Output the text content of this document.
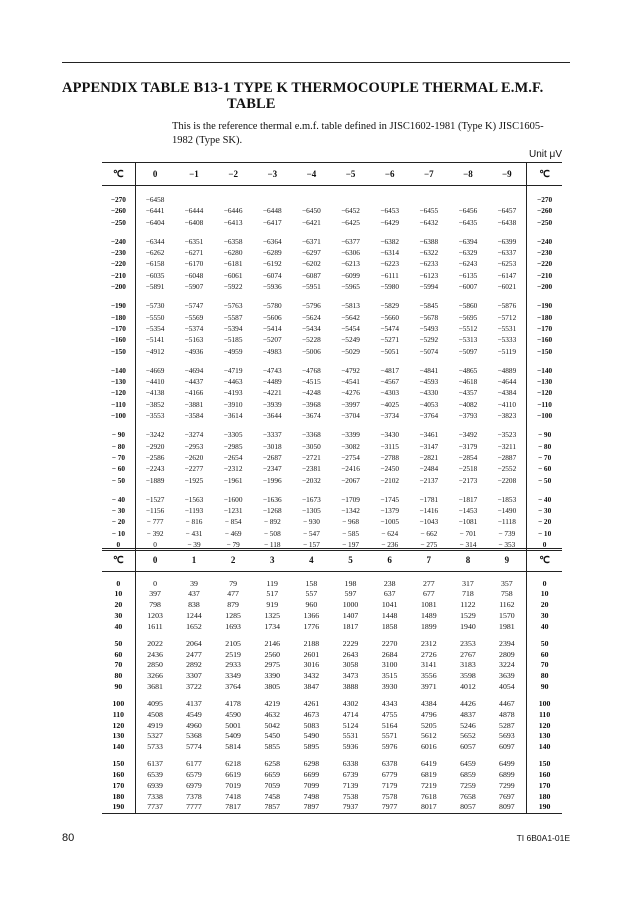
APPENDIX TABLE B13-1 TYPE K THERMOCOUPLE THERMAL E.M.F.
TABLE
This is the reference thermal e.m.f. table defined in JISC1602-1981 (Type K) JISC1605-1982 (Type SK).
Unit μV
℃	0	−1	−2	−3	−4	−5	−6	−7	−8	−9	℃

−270	−6458										−270
−260	−6441	−6444	−6446	−6448	−6450	−6452	−6453	−6455	−6456	−6457	−260
−250	−6404	−6408	−6413	−6417	−6421	−6425	−6429	−6432	−6435	−6438	−250

−240	−6344	−6351	−6358	−6364	−6371	−6377	−6382	−6388	−6394	−6399	−240
−230	−6262	−6271	−6280	−6289	−6297	−6306	−6314	−6322	−6329	−6337	−230
−220	−6158	−6170	−6181	−6192	−6202	−6213	−6223	−6233	−6243	−6253	−220
−210	−6035	−6048	−6061	−6074	−6087	−6099	−6111	−6123	−6135	−6147	−210
−200	−5891	−5907	−5922	−5936	−5951	−5965	−5980	−5994	−6007	−6021	−200

−190	−5730	−5747	−5763	−5780	−5796	−5813	−5829	−5845	−5860	−5876	−190
−180	−5550	−5569	−5587	−5606	−5624	−5642	−5660	−5678	−5695	−5712	−180
−170	−5354	−5374	−5394	−5414	−5434	−5454	−5474	−5493	−5512	−5531	−170
−160	−5141	−5163	−5185	−5207	−5228	−5249	−5271	−5292	−5313	−5333	−160
−150	−4912	−4936	−4959	−4983	−5006	−5029	−5051	−5074	−5097	−5119	−150

−140	−4669	−4694	−4719	−4743	−4768	−4792	−4817	−4841	−4865	−4889	−140
−130	−4410	−4437	−4463	−4489	−4515	−4541	−4567	−4593	−4618	−4644	−130
−120	−4138	−4166	−4193	−4221	−4248	−4276	−4303	−4330	−4357	−4384	−120
−110	−3852	−3881	−3910	−3939	−3968	−3997	−4025	−4053	−4082	−4110	−110
−100	−3553	−3584	−3614	−3644	−3674	−3704	−3734	−3764	−3793	−3823	−100

− 90	−3242	−3274	−3305	−3337	−3368	−3399	−3430	−3461	−3492	−3523	− 90
− 80	−2920	−2953	−2985	−3018	−3050	−3082	−3115	−3147	−3179	−3211	− 80
− 70	−2586	−2620	−2654	−2687	−2721	−2754	−2788	−2821	−2854	−2887	− 70
− 60	−2243	−2277	−2312	−2347	−2381	−2416	−2450	−2484	−2518	−2552	− 60
− 50	−1889	−1925	−1961	−1996	−2032	−2067	−2102	−2137	−2173	−2208	− 50

− 40	−1527	−1563	−1600	−1636	−1673	−1709	−1745	−1781	−1817	−1853	− 40
− 30	−1156	−1193	−1231	−1268	−1305	−1342	−1379	−1416	−1453	−1490	− 30
− 20	− 777	− 816	− 854	− 892	− 930	− 968	−1005	−1043	−1081	−1118	− 20
− 10	− 392	− 431	− 469	− 508	− 547	− 585	− 624	− 662	− 701	− 739	− 10
0	0	− 39	− 79	− 118	− 157	− 197	− 236	− 275	− 314	− 353	0
℃	0	1	2	3	4	5	6	7	8	9	℃

0	0	39	79	119	158	198	238	277	317	357	0
10	397	437	477	517	557	597	637	677	718	758	10
20	798	838	879	919	960	1000	1041	1081	1122	1162	20
30	1203	1244	1285	1325	1366	1407	1448	1489	1529	1570	30
40	1611	1652	1693	1734	1776	1817	1858	1899	1940	1981	40

50	2022	2064	2105	2146	2188	2229	2270	2312	2353	2394	50
60	2436	2477	2519	2560	2601	2643	2684	2726	2767	2809	60
70	2850	2892	2933	2975	3016	3058	3100	3141	3183	3224	70
80	3266	3307	3349	3390	3432	3473	3515	3556	3598	3639	80
90	3681	3722	3764	3805	3847	3888	3930	3971	4012	4054	90

100	4095	4137	4178	4219	4261	4302	4343	4384	4426	4467	100
110	4508	4549	4590	4632	4673	4714	4755	4796	4837	4878	110
120	4919	4960	5001	5042	5083	5124	5164	5205	5246	5287	120
130	5327	5368	5409	5450	5490	5531	5571	5612	5652	5693	130
140	5733	5774	5814	5855	5895	5936	5976	6016	6057	6097	140

150	6137	6177	6218	6258	6298	6338	6378	6419	6459	6499	150
160	6539	6579	6619	6659	6699	6739	6779	6819	6859	6899	160
170	6939	6979	7019	7059	7099	7139	7179	7219	7259	7299	170
180	7338	7378	7418	7458	7498	7538	7578	7618	7658	7697	180
190	7737	7777	7817	7857	7897	7937	7977	8017	8057	8097	190
80	TI 6B0A1-01E
